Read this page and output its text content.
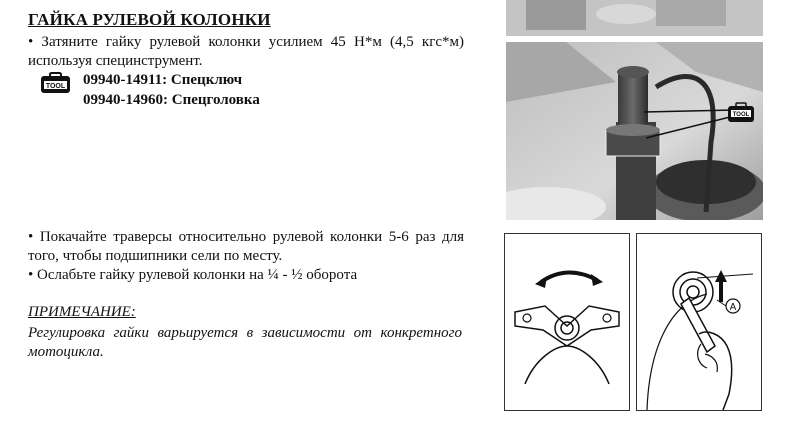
ГАЙКА РУЛЕВОЙ КОЛОНКИ
• Затяните гайку рулевой колонки усилием 45 Н*м (4,5 кгс*м) используя специнструмент.
TOOL 09940-14911: Спецключ
09940-14960: Спецголовка
• Покачайте траверсы относительно рулевой колонки 5-6 раз для того, чтобы подшипники сели по месту.
• Ослабьте гайку рулевой колонки на ¼ - ½ оборота
ПРИМЕЧАНИЕ:
Регулировка гайки варьируется в зависимости от конкретного мотоцикла.
TOOL
A
